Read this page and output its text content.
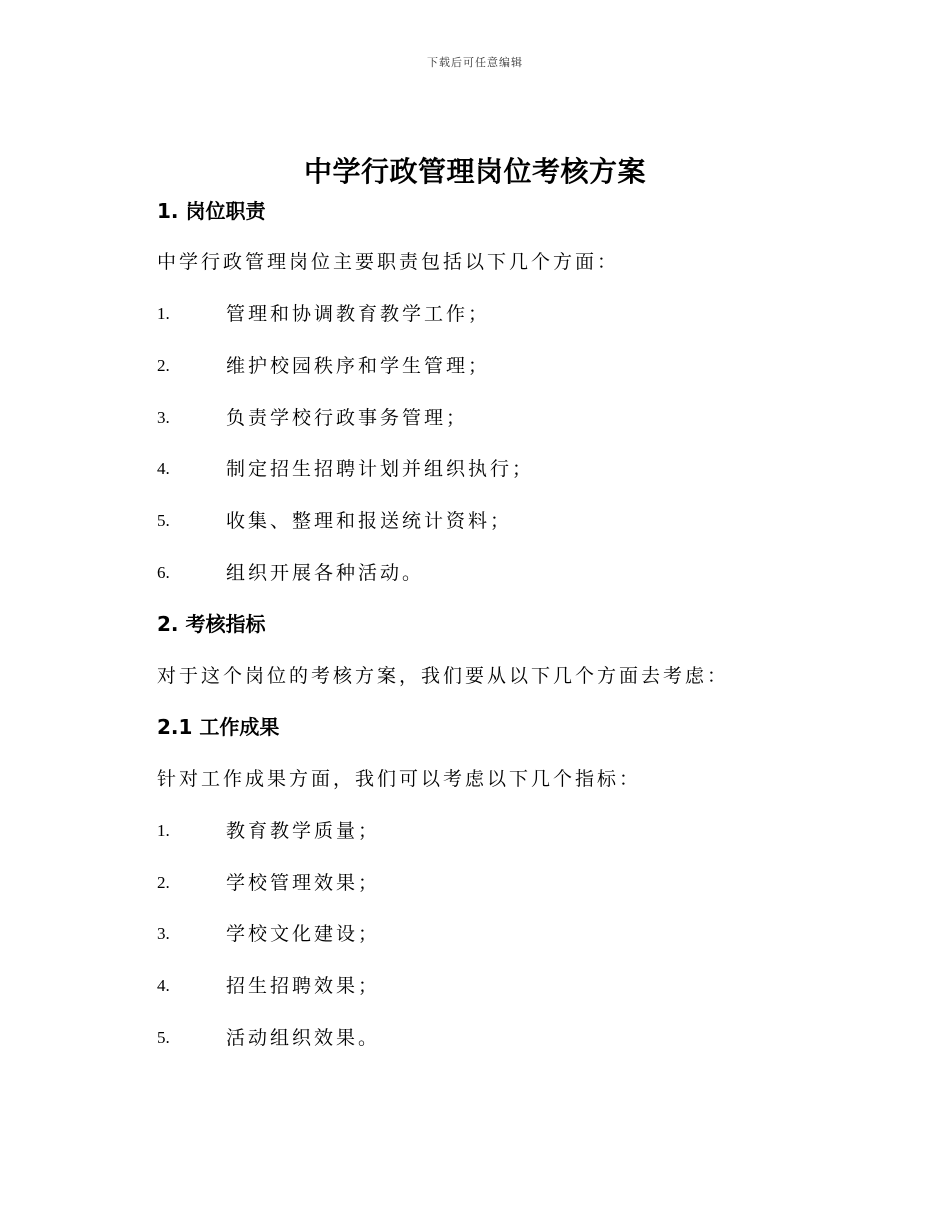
下载后可任意编辑
中学行政管理岗位考核方案
1. 岗位职责
中学行政管理岗位主要职责包括以下几个方面：
1.	管理和协调教育教学工作；
2.	维护校园秩序和学生管理；
3.	负责学校行政事务管理；
4.	制定招生招聘计划并组织执行；
5.	收集、整理和报送统计资料；
6.	组织开展各种活动。
2. 考核指标
对于这个岗位的考核方案，我们要从以下几个方面去考虑：
2.1 工作成果
针对工作成果方面，我们可以考虑以下几个指标：
1.	教育教学质量；
2.	学校管理效果；
3.	学校文化建设；
4.	招生招聘效果；
5.	活动组织效果。
